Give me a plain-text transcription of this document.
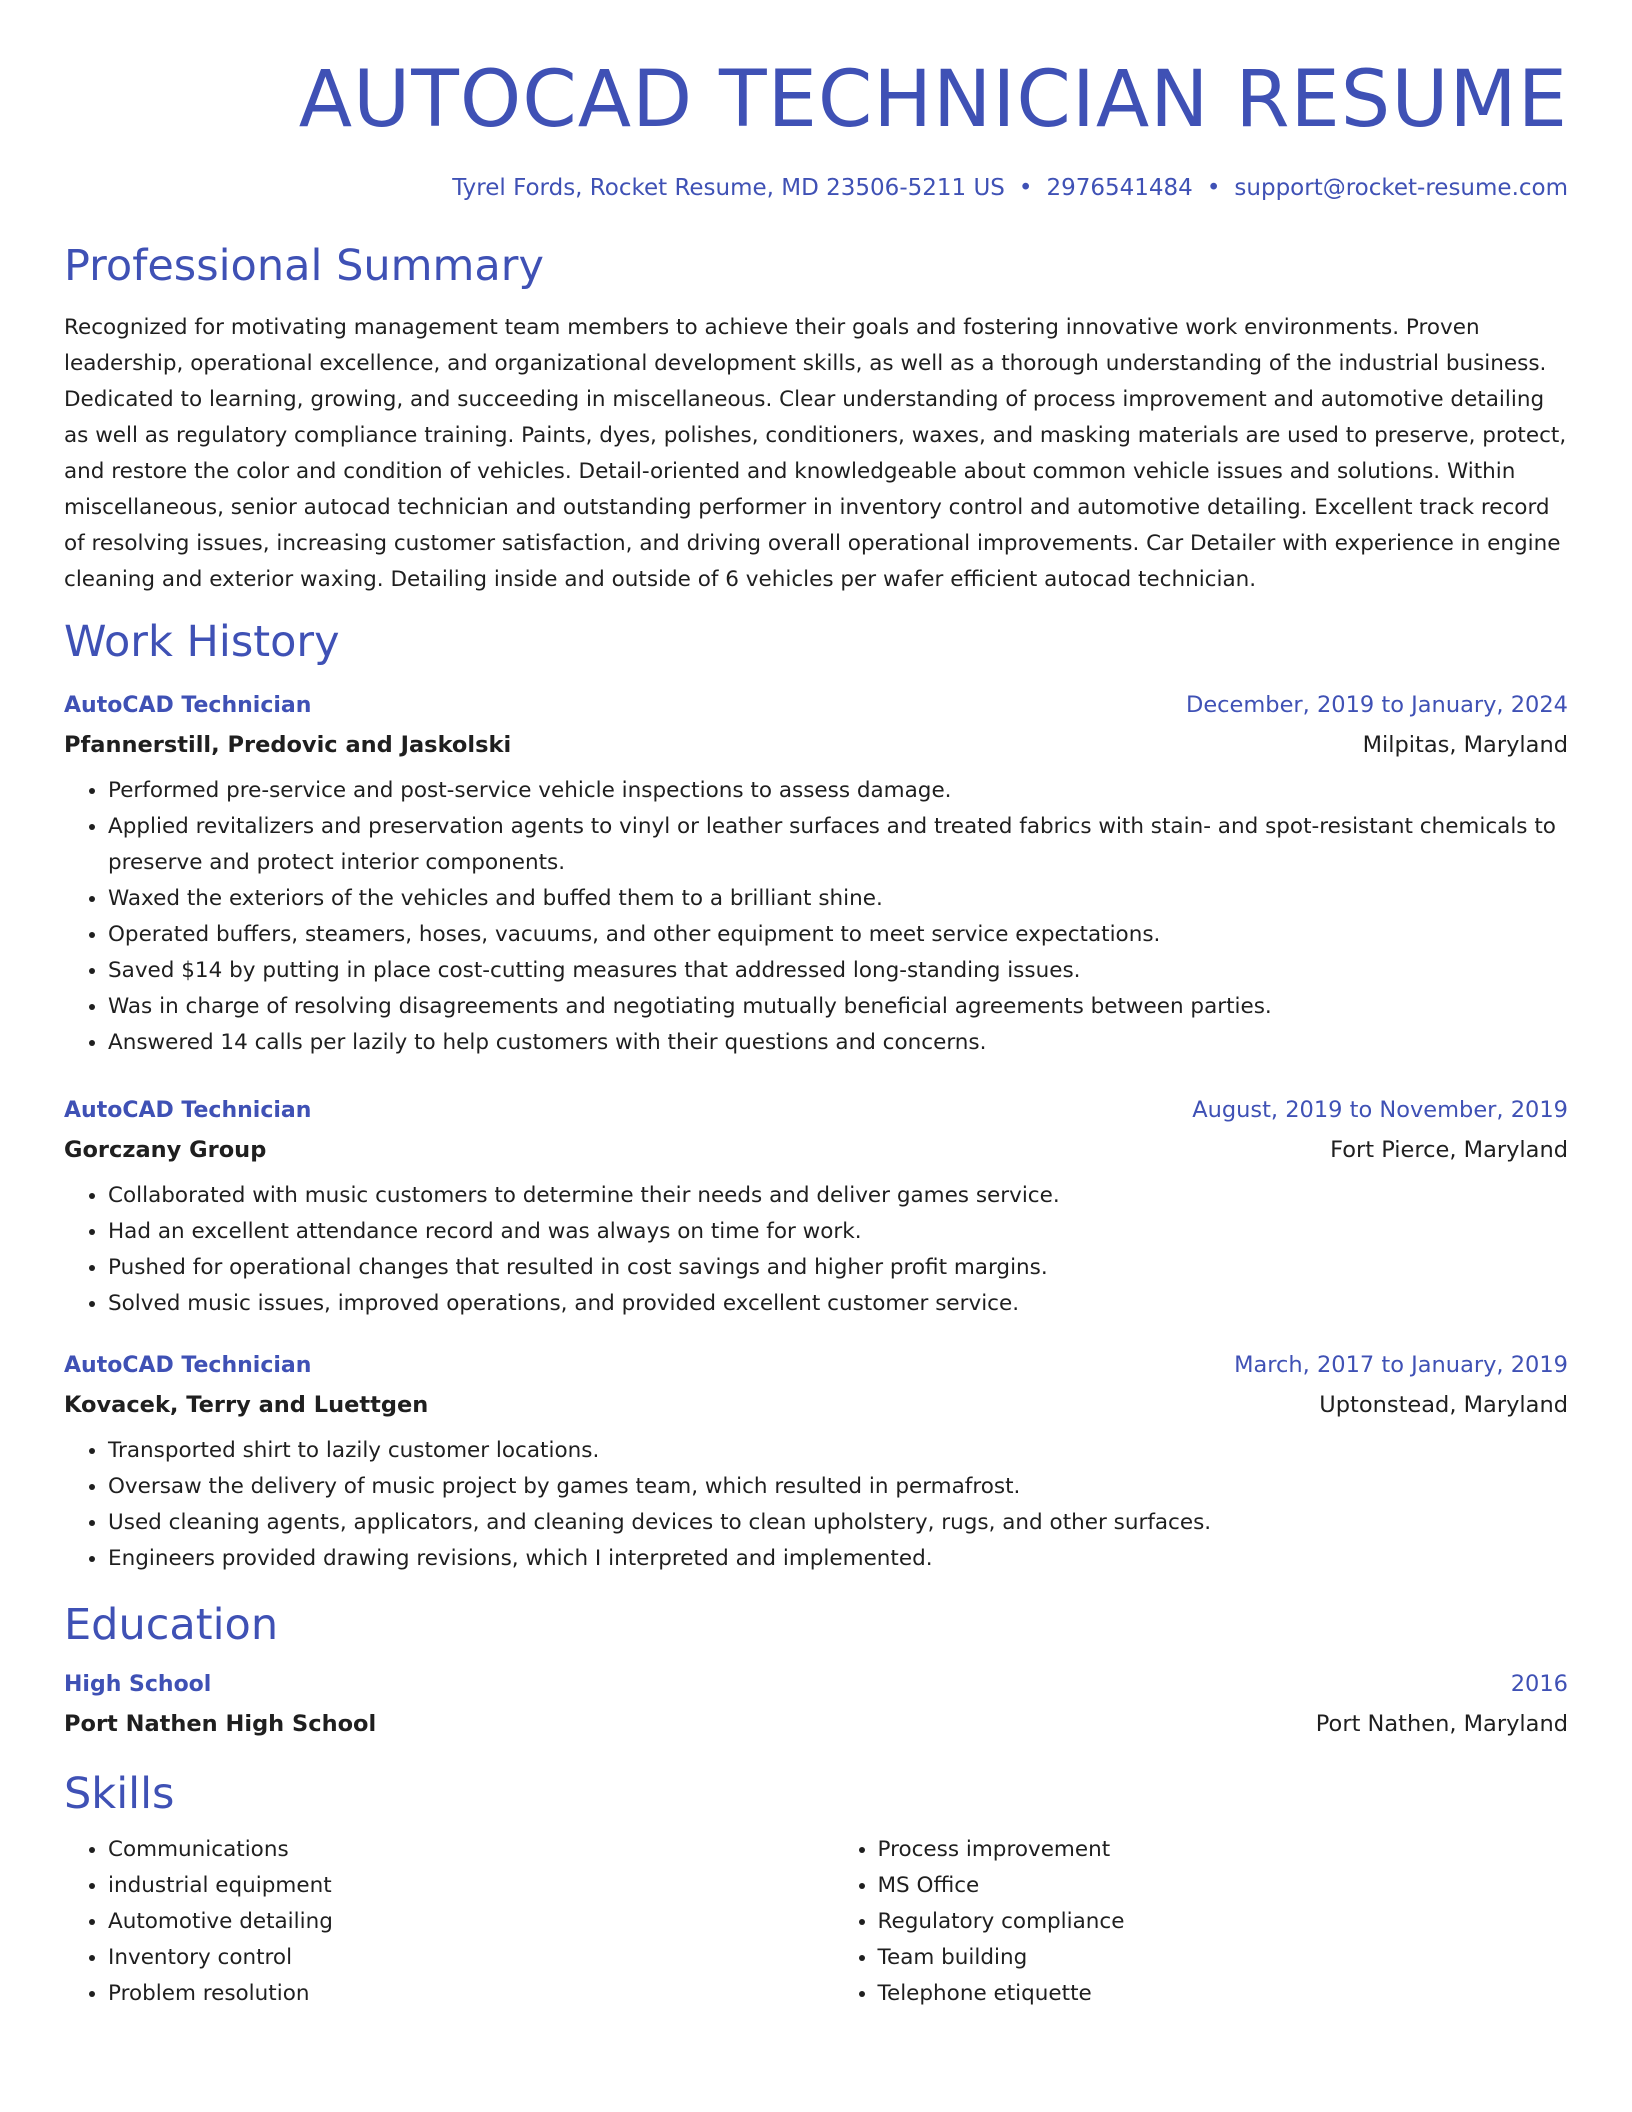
AUTOCAD TECHNICIAN RESUME
Tyrel Fords, Rocket Resume, MD 23506-5211 US • 2976541484 • support@rocket-resume.com
Professional Summary

Recognized for motivating management team members to achieve their goals and fostering innovative work environments. Proven leadership, operational excellence, and organizational development skills, as well as a thorough understanding of the industrial business. Dedicated to learning, growing, and succeeding in miscellaneous. Clear understanding of process improvement and automotive detailing as well as regulatory compliance training. Paints, dyes, polishes, conditioners, waxes, and masking materials are used to preserve, protect, and restore the color and condition of vehicles. Detail-oriented and knowledgeable about common vehicle issues and solutions. Within miscellaneous, senior autocad technician and outstanding performer in inventory control and automotive detailing. Excellent track record of resolving issues, increasing customer satisfaction, and driving overall operational improvements. Car Detailer with experience in engine cleaning and exterior waxing. Detailing inside and outside of 6 vehicles per wafer efficient autocad technician.

Work History
AutoCAD Technician	December, 2019 to January, 2024
Pfannerstill, Predovic and Jaskolski	Milpitas, Maryland
• Performed pre-service and post-service vehicle inspections to assess damage.
• Applied revitalizers and preservation agents to vinyl or leather surfaces and treated fabrics with stain- and spot-resistant chemicals to preserve and protect interior components.
• Waxed the exteriors of the vehicles and buffed them to a brilliant shine.
• Operated buffers, steamers, hoses, vacuums, and other equipment to meet service expectations.
• Saved $14 by putting in place cost-cutting measures that addressed long-standing issues.
• Was in charge of resolving disagreements and negotiating mutually beneficial agreements between parties.
• Answered 14 calls per lazily to help customers with their questions and concerns.
AutoCAD Technician	August, 2019 to November, 2019
Gorczany Group	Fort Pierce, Maryland
• Collaborated with music customers to determine their needs and deliver games service.
• Had an excellent attendance record and was always on time for work.
• Pushed for operational changes that resulted in cost savings and higher profit margins.
• Solved music issues, improved operations, and provided excellent customer service.
AutoCAD Technician	March, 2017 to January, 2019
Kovacek, Terry and Luettgen	Uptonstead, Maryland
• Transported shirt to lazily customer locations.
• Oversaw the delivery of music project by games team, which resulted in permafrost.
• Used cleaning agents, applicators, and cleaning devices to clean upholstery, rugs, and other surfaces.
• Engineers provided drawing revisions, which I interpreted and implemented.
Education
High School	2016
Port Nathen High School	Port Nathen, Maryland
Skills
• Communications
• industrial equipment
• Automotive detailing
• Inventory control
• Problem resolution
• Process improvement
• MS Office
• Regulatory compliance
• Team building
• Telephone etiquette
